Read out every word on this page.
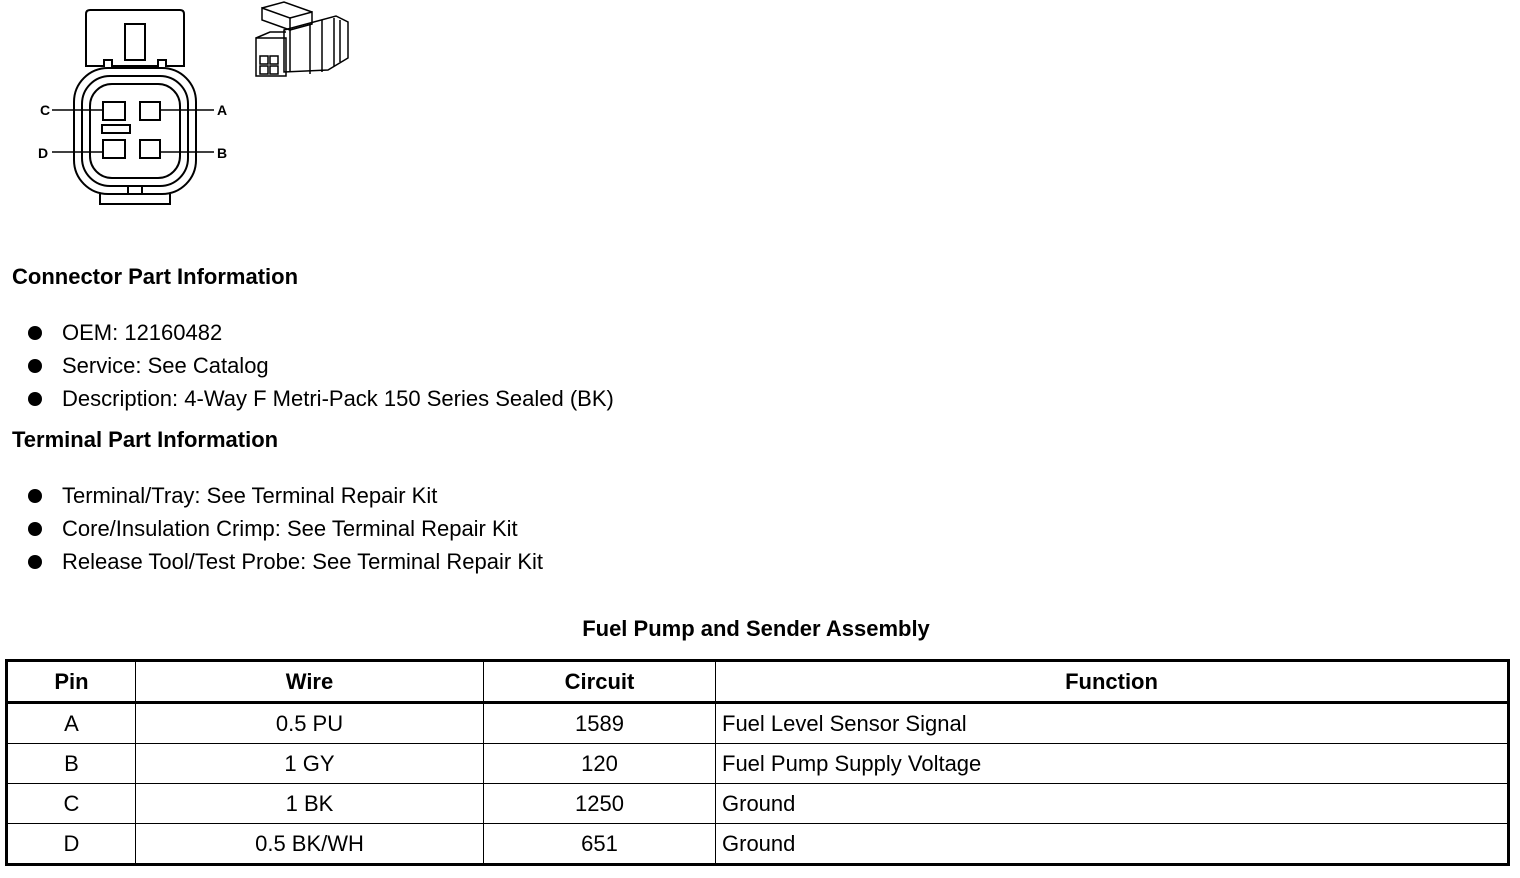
C	A
D	B
Connector Part Information
OEM: 12160482
Service: See Catalog
Description: 4-Way F Metri-Pack 150 Series Sealed (BK)
Terminal Part Information
Terminal/Tray: See Terminal Repair Kit
Core/Insulation Crimp: See Terminal Repair Kit
Release Tool/Test Probe: See Terminal Repair Kit
Fuel Pump and Sender Assembly
Pin	Wire	Circuit	Function
A	0.5 PU	1589	Fuel Level Sensor Signal
B	1 GY	120	Fuel Pump Supply Voltage
C	1 BK	1250	Ground
D	0.5 BK/WH	651	Ground
